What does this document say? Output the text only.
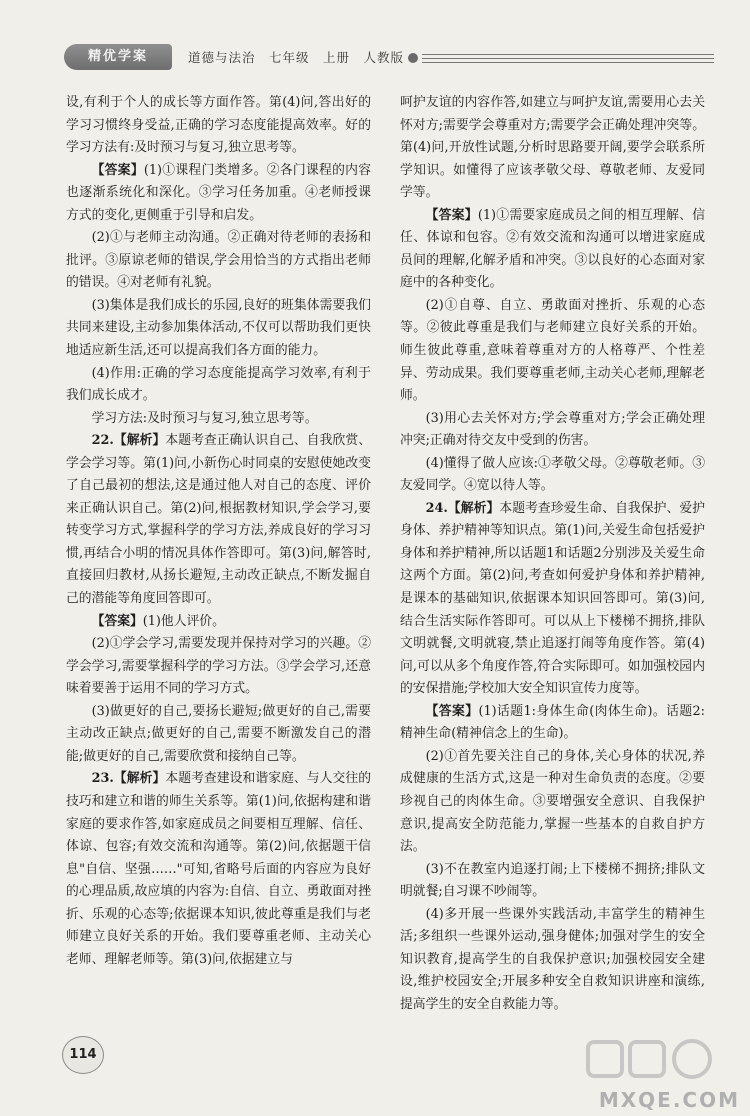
精优学案	道德与法治　七年级　上册　人教版

设,有利于个人的成长等方面作答。第(4)问,答出好的学习习惯终身受益,正确的学习态度能提高效率。好的学习方法有:及时预习与复习,独立思考等。

【答案】(1)①课程门类增多。②各门课程的内容也逐渐系统化和深化。③学习任务加重。④老师授课方式的变化,更侧重于引导和启发。

(2)①与老师主动沟通。②正确对待老师的表扬和批评。③原谅老师的错误,学会用恰当的方式指出老师的错误。④对老师有礼貌。

(3)集体是我们成长的乐园,良好的班集体需要我们共同来建设,主动参加集体活动,不仅可以帮助我们更快地适应新生活,还可以提高我们各方面的能力。

(4)作用:正确的学习态度能提高学习效率,有利于我们成长成才。

学习方法:及时预习与复习,独立思考等。

22.【解析】本题考查正确认识自己、自我欣赏、学会学习等。第(1)问,小新伤心时同桌的安慰使她改变了自己最初的想法,这是通过他人对自己的态度、评价来正确认识自己。第(2)问,根据教材知识,学会学习,要转变学习方式,掌握科学的学习方法,养成良好的学习习惯,再结合小明的情况具体作答即可。第(3)问,解答时,直接回归教材,从扬长避短,主动改正缺点,不断发掘自己的潜能等角度回答即可。

【答案】(1)他人评价。

(2)①学会学习,需要发现并保持对学习的兴趣。②学会学习,需要掌握科学的学习方法。③学会学习,还意味着要善于运用不同的学习方式。

(3)做更好的自己,要扬长避短;做更好的自己,需要主动改正缺点;做更好的自己,需要不断激发自己的潜能;做更好的自己,需要欣赏和接纳自己等。

23.【解析】本题考查建设和谐家庭、与人交往的技巧和建立和谐的师生关系等。第(1)问,依据构建和谐家庭的要求作答,如家庭成员之间要相互理解、信任、体谅、包容;有效交流和沟通等。第(2)问,依据题干信息"自信、坚强……"可知,省略号后面的内容应为良好的心理品质,故应填的内容为:自信、自立、勇敢面对挫折、乐观的心态等;依据课本知识,彼此尊重是我们与老师建立良好关系的开始。我们要尊重老师、主动关心老师、理解老师等。第(3)问,依据建立与

呵护友谊的内容作答,如建立与呵护友谊,需要用心去关怀对方;需要学会尊重对方;需要学会正确处理冲突等。第(4)问,开放性试题,分析时思路要开阔,要学会联系所学知识。如懂得了应该孝敬父母、尊敬老师、友爱同学等。

【答案】(1)①需要家庭成员之间的相互理解、信任、体谅和包容。②有效交流和沟通可以增进家庭成员间的理解,化解矛盾和冲突。③以良好的心态面对家庭中的各种变化。

(2)①自尊、自立、勇敢面对挫折、乐观的心态等。②彼此尊重是我们与老师建立良好关系的开始。师生彼此尊重,意味着尊重对方的人格尊严、个性差异、劳动成果。我们要尊重老师,主动关心老师,理解老师。

(3)用心去关怀对方;学会尊重对方;学会正确处理冲突;正确对待交友中受到的伤害。

(4)懂得了做人应该:①孝敬父母。②尊敬老师。③友爱同学。④宽以待人等。

24.【解析】本题考查珍爱生命、自我保护、爱护身体、养护精神等知识点。第(1)问,关爱生命包括爱护身体和养护精神,所以话题1和话题2分别涉及关爱生命这两个方面。第(2)问,考查如何爱护身体和养护精神,是课本的基础知识,依据课本知识回答即可。第(3)问,结合生活实际作答即可。可以从上下楼梯不拥挤,排队文明就餐,文明就寝,禁止追逐打闹等角度作答。第(4)问,可以从多个角度作答,符合实际即可。如加强校园内的安保措施;学校加大安全知识宣传力度等。

【答案】(1)话题1:身体生命(肉体生命)。话题2:精神生命(精神信念上的生命)。

(2)①首先要关注自己的身体,关心身体的状况,养成健康的生活方式,这是一种对生命负责的态度。②要珍视自己的肉体生命。③要增强安全意识、自我保护意识,提高安全防范能力,掌握一些基本的自救自护方法。

(3)不在教室内追逐打闹;上下楼梯不拥挤;排队文明就餐;自习课不吵闹等。

(4)多开展一些课外实践活动,丰富学生的精神生活;多组织一些课外运动,强身健体;加强对学生的安全知识教育,提高学生的自我保护意识;加强校园安全建设,维护校园安全;开展多种安全自救知识讲座和演练,提高学生的安全自救能力等。

114
MXQE.COM
